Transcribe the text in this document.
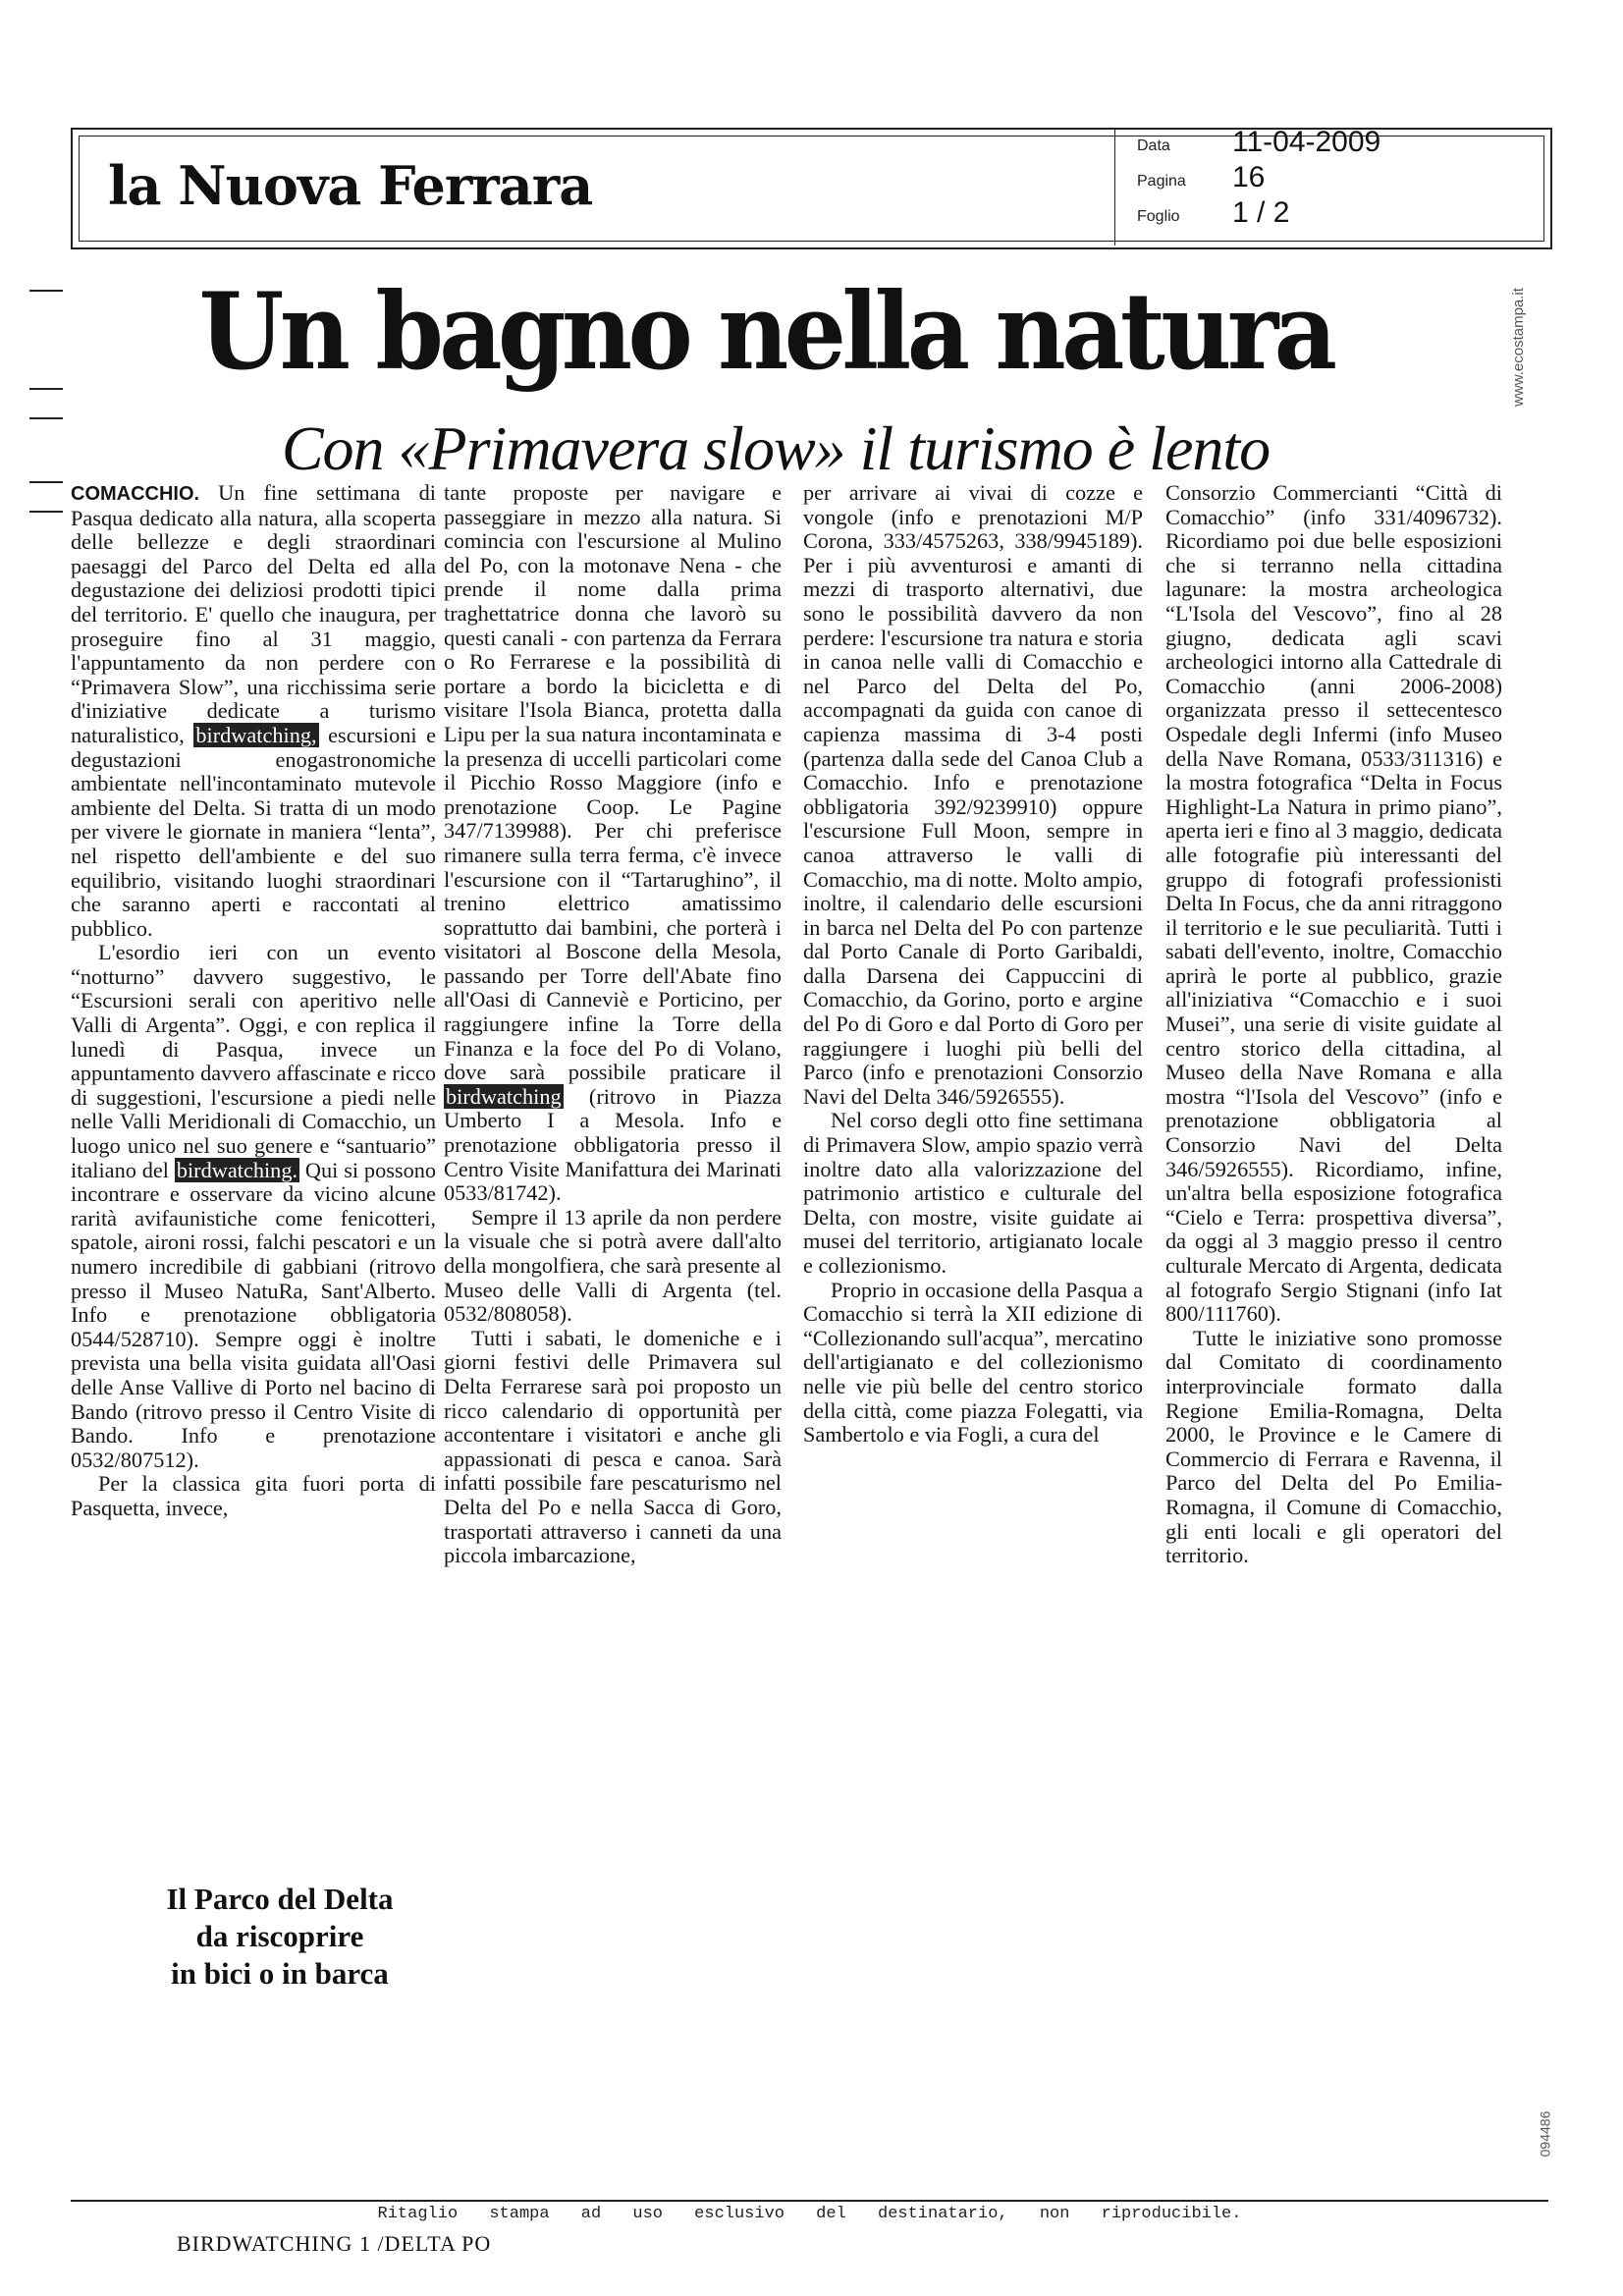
la Nuova Ferrara
Data 11-04-2009
Pagina 16
Foglio 1 / 2
www.ecostampa.it
094486
Un bagno nella natura
Con «Primavera slow» il turismo è lento

COMACCHIO. Un fine settimana di Pasqua dedicato alla natura, alla scoperta delle bellezze e degli straordinari paesaggi del Parco del Delta ed alla degustazione dei deliziosi prodotti tipici del territorio. E' quello che inaugura, per proseguire fino al 31 maggio, l'appuntamento da non perdere con “Primavera Slow”, una ricchissima serie d'iniziative dedicate a turismo naturalistico, birdwatching, escursioni e degustazioni enogastronomiche ambientate nell'incontaminato mutevole ambiente del Delta. Si tratta di un modo per vivere le giornate in maniera “lenta”, nel rispetto dell'ambiente e del suo equilibrio, visitando luoghi straordinari che saranno aperti e raccontati al pubblico.

L'esordio ieri con un evento “notturno” davvero suggestivo, le “Escursioni serali con aperitivo nelle Valli di Argenta”. Oggi, e con replica il lunedì di Pasqua, invece un appuntamento davvero affascinate e ricco di suggestioni, l'escursione a piedi nelle nelle Valli Meridionali di Comacchio, un luogo unico nel suo genere e “santuario” italiano del birdwatching. Qui si possono incontrare e osservare da vicino alcune rarità avifaunistiche come fenicotteri, spatole, aironi rossi, falchi pescatori e un numero incredibile di gabbiani (ritrovo presso il Museo NatuRa, Sant'Alberto. Info e prenotazione obbligatoria 0544/528710). Sempre oggi è inoltre prevista una bella visita guidata all'Oasi delle Anse Vallive di Porto nel bacino di Bando (ritrovo presso il Centro Visite di Bando. Info e prenotazione 0532/807512).

Per la classica gita fuori porta di Pasquetta, invece,

tante proposte per navigare e passeggiare in mezzo alla natura. Si comincia con l'escursione al Mulino del Po, con la motonave Nena - che prende il nome dalla prima traghettatrice donna che lavorò su questi canali - con partenza da Ferrara o Ro Ferrarese e la possibilità di portare a bordo la bicicletta e di visitare l'Isola Bianca, protetta dalla Lipu per la sua natura incontaminata e la presenza di uccelli particolari come il Picchio Rosso Maggiore (info e prenotazione Coop. Le Pagine 347/7139988). Per chi preferisce rimanere sulla terra ferma, c'è invece l'escursione con il “Tartarughino”, il trenino elettrico amatissimo soprattutto dai bambini, che porterà i visitatori al Boscone della Mesola, passando per Torre dell'Abate fino all'Oasi di Canneviè e Porticino, per raggiungere infine la Torre della Finanza e la foce del Po di Volano, dove sarà possibile praticare il birdwatching (ritrovo in Piazza Umberto I a Mesola. Info e prenotazione obbligatoria presso il Centro Visite Manifattura dei Marinati 0533/81742).

Sempre il 13 aprile da non perdere la visuale che si potrà avere dall'alto della mongolfiera, che sarà presente al Museo delle Valli di Argenta (tel. 0532/808058).

Tutti i sabati, le domeniche e i giorni festivi delle Primavera sul Delta Ferrarese sarà poi proposto un ricco calendario di opportunità per accontentare i visitatori e anche gli appassionati di pesca e canoa. Sarà infatti possibile fare pescaturismo nel Delta del Po e nella Sacca di Goro, trasportati attraverso i canneti da una piccola imbarcazione,

per arrivare ai vivai di cozze e vongole (info e prenotazioni M/P Corona, 333/4575263, 338/9945189). Per i più avventurosi e amanti di mezzi di trasporto alternativi, due sono le possibilità davvero da non perdere: l'escursione tra natura e storia in canoa nelle valli di Comacchio e nel Parco del Delta del Po, accompagnati da guida con canoe di capienza massima di 3-4 posti (partenza dalla sede del Canoa Club a Comacchio. Info e prenotazione obbligatoria 392/9239910) oppure l'escursione Full Moon, sempre in canoa attraverso le valli di Comacchio, ma di notte. Molto ampio, inoltre, il calendario delle escursioni in barca nel Delta del Po con partenze dal Porto Canale di Porto Garibaldi, dalla Darsena dei Cappuccini di Comacchio, da Gorino, porto e argine del Po di Goro e dal Porto di Goro per raggiungere i luoghi più belli del Parco (info e prenotazioni Consorzio Navi del Delta 346/5926555).

Nel corso degli otto fine settimana di Primavera Slow, ampio spazio verrà inoltre dato alla valorizzazione del patrimonio artistico e culturale del Delta, con mostre, visite guidate ai musei del territorio, artigianato locale e collezionismo.

Proprio in occasione della Pasqua a Comacchio si terrà la XII edizione di “Collezionando sull'acqua”, mercatino dell'artigianato e del collezionismo nelle vie più belle del centro storico della città, come piazza Folegatti, via Sambertolo e via Fogli, a cura del

Consorzio Commercianti “Città di Comacchio” (info 331/4096732). Ricordiamo poi due belle esposizioni che si terranno nella cittadina lagunare: la mostra archeologica “L'Isola del Vescovo”, fino al 28 giugno, dedicata agli scavi archeologici intorno alla Cattedrale di Comacchio (anni 2006-2008) organizzata presso il settecentesco Ospedale degli Infermi (info Museo della Nave Romana, 0533/311316) e la mostra fotografica “Delta in Focus Highlight-La Natura in primo piano”, aperta ieri e fino al 3 maggio, dedicata alle fotografie più interessanti del gruppo di fotografi professionisti Delta In Focus, che da anni ritraggono il territorio e le sue peculiarità. Tutti i sabati dell'evento, inoltre, Comacchio aprirà le porte al pubblico, grazie all'iniziativa “Comacchio e i suoi Musei”, una serie di visite guidate al centro storico della cittadina, al Museo della Nave Romana e alla mostra “l'Isola del Vescovo” (info e prenotazione obbligatoria al Consorzio Navi del Delta 346/5926555). Ricordiamo, infine, un'altra bella esposizione fotografica “Cielo e Terra: prospettiva diversa”, da oggi al 3 maggio presso il centro culturale Mercato di Argenta, dedicata al fotografo Sergio Stignani (info Iat 800/111760).

Tutte le iniziative sono promosse dal Comitato di coordinamento interprovinciale formato dalla Regione Emilia-Romagna, Delta 2000, le Province e le Camere di Commercio di Ferrara e Ravenna, il Parco del Delta del Po Emilia-Romagna, il Comune di Comacchio, gli enti locali e gli operatori del territorio.

Il Parco del Delta
da riscoprire
in bici o in barca
Ritaglio stampa ad uso esclusivo del destinatario, non riproducibile.
BIRDWATCHING 1 /DELTA PO
